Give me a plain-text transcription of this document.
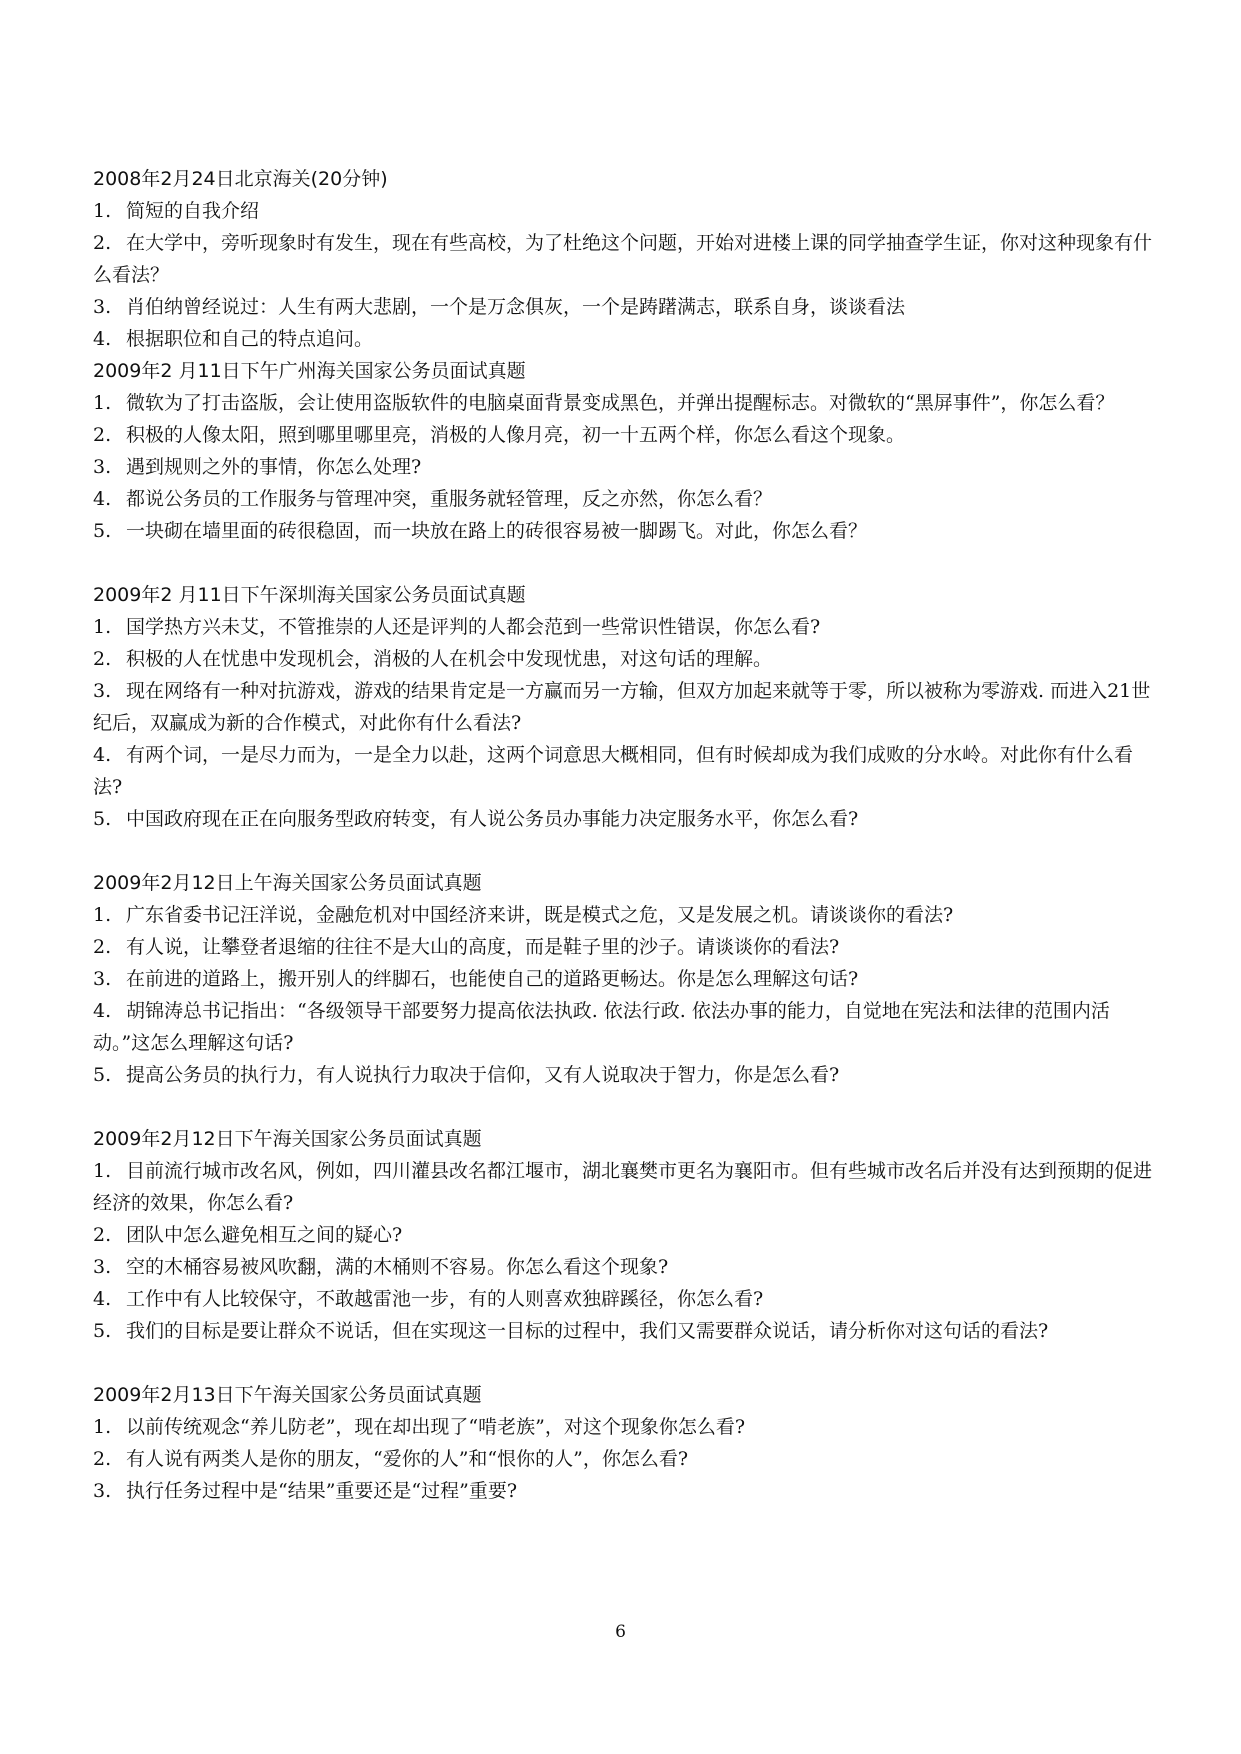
2008年2月24日北京海关(20分钟)

1. 简短的自我介绍

2. 在大学中，旁听现象时有发生，现在有些高校，为了杜绝这个问题，开始对进楼上课的同学抽查学生证，你对这种现象有什么看法？

3. 肖伯纳曾经说过：人生有两大悲剧，一个是万念俱灰，一个是踌躇满志，联系自身，谈谈看法

4. 根据职位和自己的特点追问。

2009年2 月11日下午广州海关国家公务员面试真题

1. 微软为了打击盗版，会让使用盗版软件的电脑桌面背景变成黑色，并弹出提醒标志。对微软的“黑屏事件”，你怎么看？

2. 积极的人像太阳，照到哪里哪里亮，消极的人像月亮，初一十五两个样，你怎么看这个现象。

3. 遇到规则之外的事情，你怎么处理?

4. 都说公务员的工作服务与管理冲突，重服务就轻管理，反之亦然，你怎么看？

5. 一块砌在墙里面的砖很稳固，而一块放在路上的砖很容易被一脚踢飞。对此，你怎么看？

2009年2 月11日下午深圳海关国家公务员面试真题

1. 国学热方兴未艾，不管推崇的人还是评判的人都会范到一些常识性错误，你怎么看?

2. 积极的人在忧患中发现机会，消极的人在机会中发现忧患，对这句话的理解。

3. 现在网络有一种对抗游戏，游戏的结果肯定是一方赢而另一方输，但双方加起来就等于零，所以被称为零游戏. 而进入21世纪后，双赢成为新的合作模式，对此你有什么看法?

4. 有两个词，一是尽力而为，一是全力以赴，这两个词意思大概相同，但有时候却成为我们成败的分水岭。对此你有什么看法?

5. 中国政府现在正在向服务型政府转变，有人说公务员办事能力决定服务水平，你怎么看?

2009年2月12日上午海关国家公务员面试真题

1. 广东省委书记汪洋说，金融危机对中国经济来讲，既是模式之危，又是发展之机。请谈谈你的看法?

2. 有人说，让攀登者退缩的往往不是大山的高度，而是鞋子里的沙子。请谈谈你的看法?

3. 在前进的道路上，搬开别人的绊脚石，也能使自己的道路更畅达。你是怎么理解这句话?

4. 胡锦涛总书记指出：“各级领导干部要努力提高依法执政. 依法行政. 依法办事的能力，自觉地在宪法和法律的范围内活动。”这怎么理解这句话?

5. 提高公务员的执行力，有人说执行力取决于信仰，又有人说取决于智力，你是怎么看?

2009年2月12日下午海关国家公务员面试真题

1. 目前流行城市改名风，例如，四川灌县改名都江堰市，湖北襄樊市更名为襄阳市。但有些城市改名后并没有达到预期的促进经济的效果，你怎么看?

2. 团队中怎么避免相互之间的疑心?

3. 空的木桶容易被风吹翻，满的木桶则不容易。你怎么看这个现象?

4. 工作中有人比较保守，不敢越雷池一步，有的人则喜欢独辟蹊径，你怎么看?

5. 我们的目标是要让群众不说话，但在实现这一目标的过程中，我们又需要群众说话，请分析你对这句话的看法?

2009年2月13日下午海关国家公务员面试真题

1. 以前传统观念“养儿防老”，现在却出现了“啃老族”，对这个现象你怎么看?

2. 有人说有两类人是你的朋友，“爱你的人”和“恨你的人”，你怎么看?

3. 执行任务过程中是“结果”重要还是“过程”重要?

6
